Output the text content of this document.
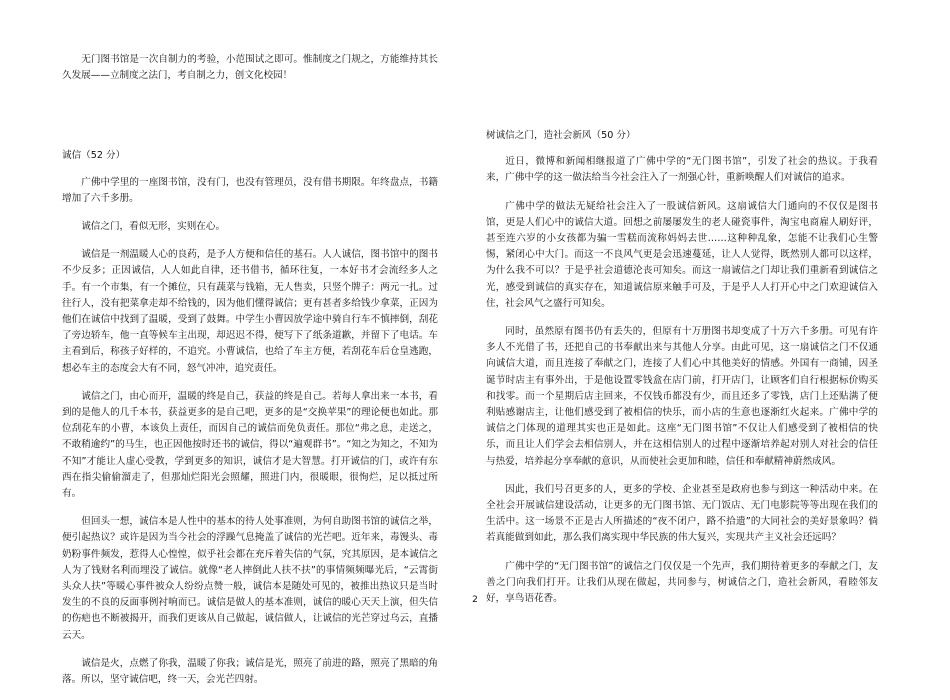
无门图书馆是一次自制力的考验，小范围试之即可。惟制度之门规之，方能维持其长久发展——立制度之法门，考自制之力，创文化校园！

诚信（52 分）

广佛中学里的一座图书馆，没有门，也没有管理员，没有借书期限。年终盘点，书籍增加了六千多册。

诚信之门，看似无形，实则在心。

诚信是一剂温暖人心的良药，是予人方便和信任的基石。人人诚信，图书馆中的图书不少反多；正因诚信，人人如此自律，还书借书，循环往复，一本好书才会流经多人之手。有一个市集，有一个摊位，只有蔬菜与钱箱，无人售卖，只竖个牌子：两元一扎。过往行人，没有把菜拿走却不给钱的，因为他们懂得诚信；更有甚者多给钱少拿菜，正因为他们在诚信中找到了温暖，受到了鼓舞。中学生小曹因放学途中骑自行车不慎摔倒，刮花了旁边轿车，他一直等候车主出现，却迟迟不得，便写下了纸条道歉，并留下了电话。车主看到后，称孩子好样的，不追究。小曹诚信，也给了车主方便，若刮花车后仓皇逃跑，想必车主的态度会大有不同，怒气冲冲，追究责任。

诚信之门，由心而开，温暖的终是自己，获益的终是自己。若每人拿出来一本书，看到的是他人的几千本书，获益更多的是自己吧，更多的是“交换苹果”的理论便也如此。那位刮花车的小曹，本该负上责任，而因自己的诚信而免负责任。那位“弗之息，走送之，不敢稍逾约”的马生，也正因他按时还书的诚信，得以“遍观群书”。“知之为知之，不知为不知”才能让人虚心受教，学到更多的知识，诚信才是大智慧。打开诚信的门，或许有东西在指尖偷偷溜走了，但那灿烂阳光会照耀，照进门内，很暖眼，很恂烂，足以抵过所有。

但回头一想，诚信本是人性中的基本的待人处事准则，为何自助图书馆的诚信之举，便引起热议？或许是因为当今社会的浮躁气息掩盖了诚信的光芒吧。近年来，毒馒头、毒奶粉事件频发，惹得人心惶惶，似乎社会都在充斥着失信的气氛，究其原因，是本诚信之人为了钱财名利而埋没了诚信。就像“老人摔倒此人扶不扶”的事情频频曝光后，“云霄街头众人扶”等暖心事件被众人纷纷点赞一般，诚信本是随处可见的，被推出热议只是当时发生的不良的反面事例衬响而已。诚信是做人的基本准则，诚信的暖心天天上演，但失信的伤疤也不断被揭开，而我们更该从自己做起，诚信做人，让诚信的光芒穿过乌云，直播云天。

诚信是火，点燃了你我，温暖了你我；诚信是光，照亮了前进的路，照亮了黑暗的角落。所以，坚守诚信吧，终一天，会光芒四射。

树诚信之门，造社会新风（50 分）

近日，微博和新闻相继报道了广佛中学的“无门图书馆”，引发了社会的热议。于我看来，广佛中学的这一做法给当今社会注入了一剂强心针，重新唤醒人们对诚信的追求。

广佛中学的做法无疑给社会注入了一股诚信新风。这扇诚信大门通向的不仅仅是图书馆，更是人们心中的诚信大道。回想之前屡屡发生的老人碰瓷事件，淘宝电商雇人刷好评，甚至连六岁的小女孩都为骗一雪糕而流称妈妈去世……这种种乱象，怎能不让我们心生警惕，紧闭心中大门。而这一不良风气更是会迅速蔓延，让人人觉得，既然别人都可以这样，为什么我不可以？于是乎社会道德沦丧可知矣。而这一扇诚信之门却让我们重新看到诚信之光，感受到诚信的真实存在，知道诚信原来触手可及，于是乎人人打开心中之门欢迎诚信入住，社会风气之盛行可知矣。

同时，虽然原有图书仍有丢失的，但原有十万册图书却变成了十万六千多册。可见有许多人不光借了书，还把自己的书奉献出来与其他人分享。由此可见，这一扇诚信之门不仅通向诚信大道，而且连接了奉献之门，连接了人们心中其他美好的情感。外国有一商铺，因圣诞节时店主有事外出，于是他设置零钱盒在店门前，打开店门，让顾客们自行根据标价购买和找零。而一个星期后店主回来，不仅钱币都没有少，而且还多了零钱，店门上还贴满了便利贴感谢店主，让他们感受到了被相信的快乐，而小店的生意也逐渐红火起来。广佛中学的诚信之门体现的道理其实也正是如此。这座“无门图书馆”不仅让人们感受到了被相信的快乐，而且让人们学会去相信别人，并在这相信别人的过程中逐渐培养起对别人对社会的信任与热爱，培养起分享奉献的意识，从而使社会更加和睦，信任和奉献精神蔚然成风。

因此，我们号召更多的人，更多的学校、企业甚至是政府也参与到这一种活动中来。在全社会开展诚信建设活动，让更多的无门图书馆、无门饭店、无门电影院等等出现在我们的生活中。这一场景不正是古人所描述的“夜不闭户，路不拾遗”的大同社会的美好景象吗？倘若真能做到如此，那么我们离实现中华民族的伟大复兴，实现共产主义社会还远吗？

广佛中学的“无门图书馆”的诚信之门仅仅是一个先声，我们期待着更多的奉献之门，友善之门向我们打开。让我们从现在做起，共同参与，树诚信之门，造社会新风，看睦邻友好，享鸟语花香。

2
